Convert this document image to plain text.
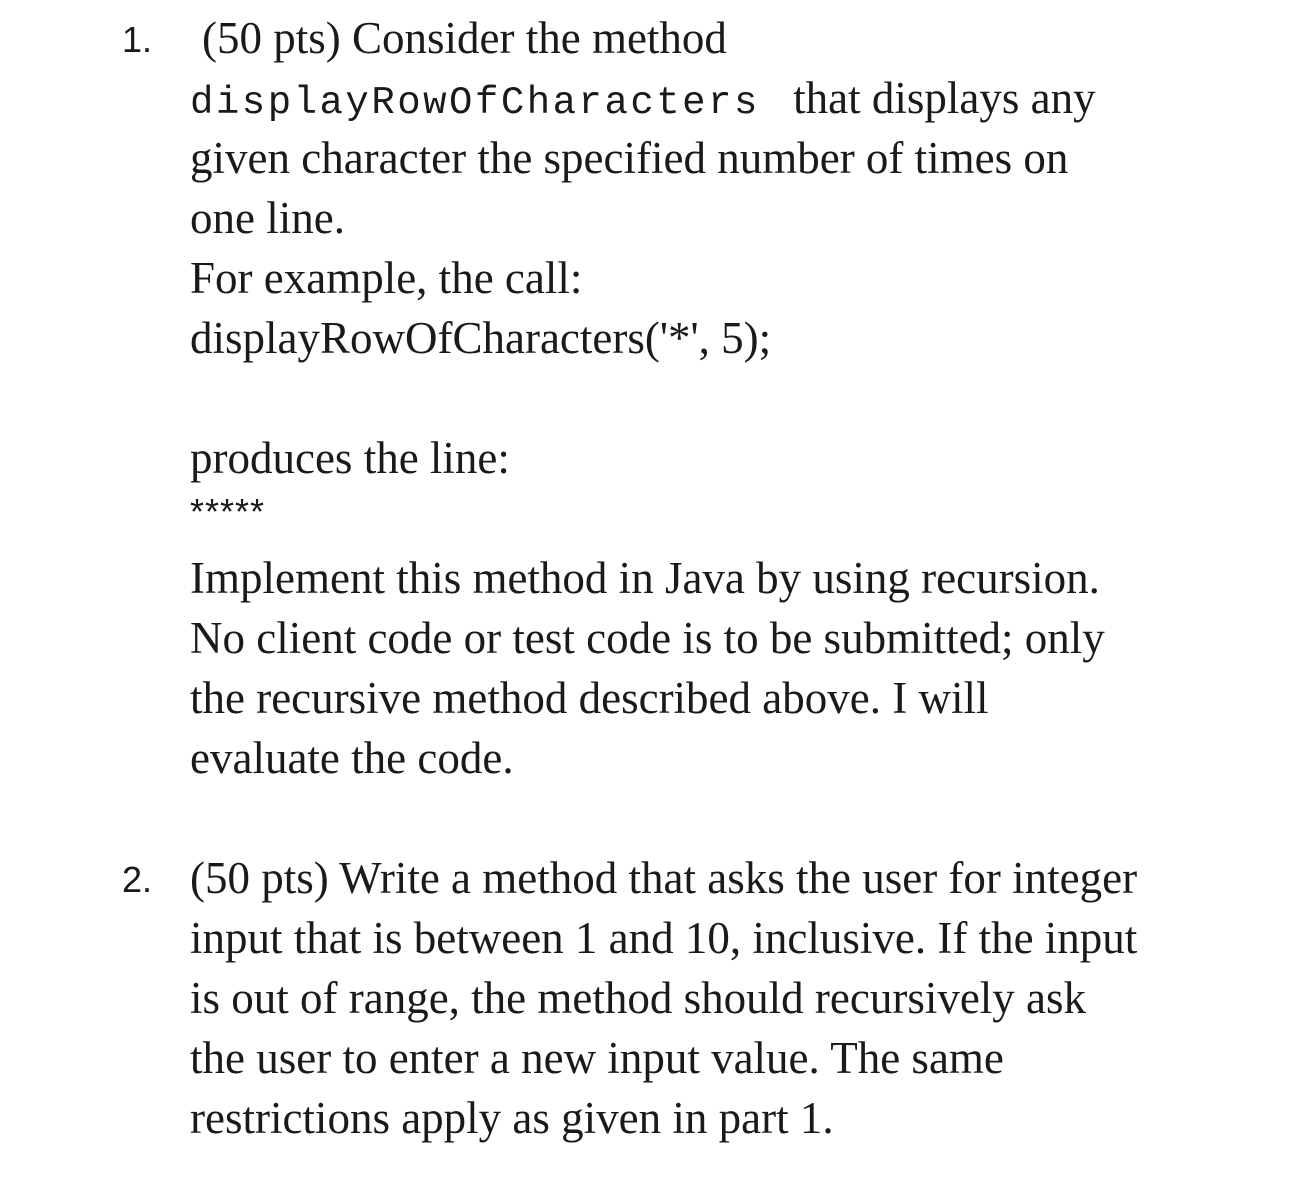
1. (50 pts) Consider the method
displayRowOfCharacters that displays any
given character the specified number of times on
one line.
For example, the call:
displayRowOfCharacters('*', 5);
produces the line:
*****
Implement this method in Java by using recursion.
No client code or test code is to be submitted; only
the recursive method described above. I will
evaluate the code.
2. (50 pts) Write a method that asks the user for integer
input that is between 1 and 10, inclusive. If the input
is out of range, the method should recursively ask
the user to enter a new input value. The same
restrictions apply as given in part 1.
